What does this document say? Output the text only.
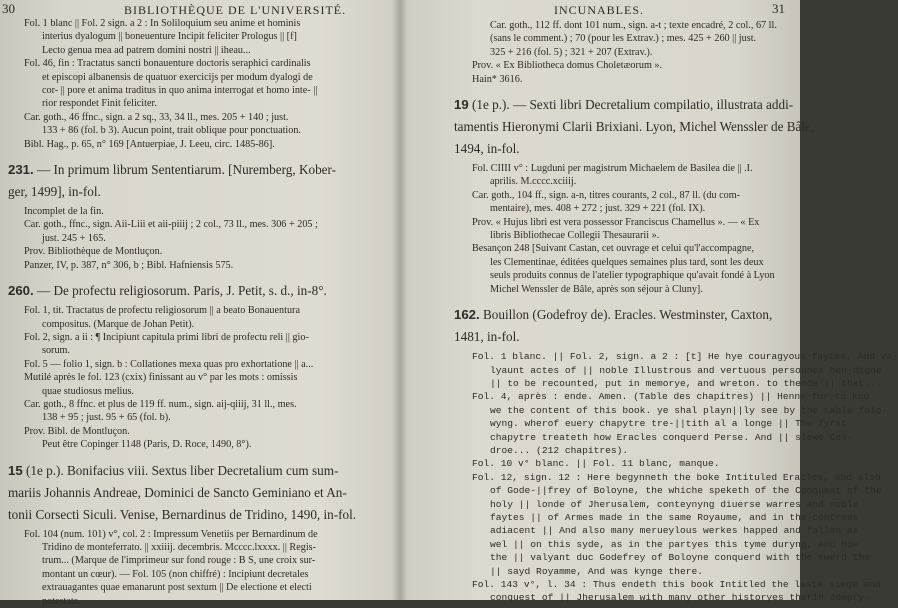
30	BIBLIOTHÈQUE DE L'UNIVERSITÉ.

Fol. 1 blanc || Fol. 2 sign. a 2 : In Soliloquium seu anime et hominis

interius dyalogum || boneuenture Incipit feliciter Prologus || [f]

Lecto genua mea ad patrem domini nostri || iheau...

Fol. 46, fin : Tractatus sancti bonauenture doctoris seraphici cardinalis

et episcopi albanensis de quatuor exercicijs per modum dyalogi de

cor- || pore et anima traditus in quo anima interrogat et homo inte- ||

rior respondet Finit feliciter.

Car. goth., 46 ffnc., sign. a 2 sq., 33, 34 ll., mes. 205 + 140 ; just.

133 + 86 (fol. b 3). Aucun point, trait oblique pour ponctuation.

Bibl. Hag., p. 65, n° 169 [Antuerpiae, J. Leeu, circ. 1485-86].

231. — In primum librum Sententiarum. [Nuremberg, Kober-

ger, 1499], in-fol.

Incomplet de la fin.

Car. goth., ffnc., sign. Aii-Liii et aii-piiij ; 2 col., 73 ll., mes. 306 + 205 ;

just. 245 + 165.

Prov. Bibliothèque de Montluçon.

Panzer, IV, p. 387, n° 306, b ; Bibl. Hafniensis 575.

260. — De profectu religiosorum. Paris, J. Petit, s. d., in-8°.

Fol. 1, tit. Tractatus de profectu religiosorum || a beato Bonauentura

compositus. (Marque de Johan Petit).

Fol. 2, sign. a ii : ¶ Incipiunt capitula primi libri de profectu reli || gio-

sorum.

Fol. 5 — folio 1, sign. b : Collationes mexa quas pro exhortatione || a...

Mutilé après le fol. 123 (cxix) finissant au v° par les mots : omissis

quae studiosus melius.

Car. goth., 8 ffnc. et plus de 119 ff. num., sign. aij-qiiij, 31 ll., mes.

138 + 95 ; just. 95 + 65 (fol. b).

Prov. Bibl. de Montluçon.

Peut être Copinger 1148 (Paris, D. Roce, 1490, 8°).

15 (1e p.). Bonifacius viii. Sextus liber Decretalium cum sum-

mariis Johannis Andreae, Dominici de Sancto Geminiano et An-

tonii Corsecti Siculi. Venise, Bernardinus de Tridino, 1490, in-fol.

Fol. 104 (num. 101) v°, col. 2 : Impressum Venetiis per Bernardinum de

Tridino de monteferrato. || xxiiij. decembris. Mcccc.lxxxx. || Regis-

trum... (Marque de l'imprimeur sur fond rouge : B S, une croix sur-

montant un cœur). — Fol. 105 (non chiffré) : Incipiunt decretales

extrauagantes quae emanarunt post sextum || De electione et electi

potestate.

INCUNABLES.	31

Car. goth., 112 ff. dont 101 num., sign. a-t ; texte encadré, 2 col., 67 ll.

(sans le comment.) ; 70 (pour les Extrav.) ; mes. 425 + 260 || just.

325 + 216 (fol. 5) ; 321 + 207 (Extrav.).

Prov. « Ex Bibliotheca domus Choletæorum ».

Hain* 3616.

19 (1e p.). — Sexti libri Decretalium compilatio, illustrata addi-

tamentis Hieronymi Clarii Brixiani. Lyon, Michel Wenssler de Bâle,

1494, in-fol.

Fol. CIIII v° : Lugduni per magistrum Michaelem de Basilea die || .I.

aprilis. M.cccc.xciiij.

Car. goth., 104 ff., sign. a-n, titres courants, 2 col., 87 ll. (du com-

mentaire), mes. 408 + 272 ; just. 329 + 221 (fol. IX).

Prov. « Hujus libri est vera possessor Franciscus Chamellus ». — « Ex

libris Bibliothecae Collegii Thesaurarii ».

Besançon 248 [Suivant Castan, cet ouvrage et celui qu'l'accompagne,

les Clementinae, éditées quelques semaines plus tard, sont les deux

seuls produits connus de l'atelier typographique qu'avait fondé à Lyon

Michel Wenssler de Bâle, après son séjour à Cluny].

162. Bouillon (Godefroy de). Eracles. Westminster, Caxton,

1481, in-fol.

Fol. 1 blanc. || Fol. 2, sign. a 2 : [t] He hye couragyous faytes, And va-

lyaunt actes of || noble Illustrous and vertuous personnes hen digne

|| to be recounted, put in memorye, and wreton. to thende || that...

Fol. 4, après : ende. Amen. (Table des chapitres) || Henne for to kno

we the content of this book. ye shal playn||ly see by the table folo-

wyng. wherof euery chapytre tre-||tith al a longe || The fyrst

chapytre treateth how Eracles conquerd Perse. And || slewe Cos-

droe... (212 chapitres).

Fol. 10 v° blanc. || Fol. 11 blanc, manque.

Fol. 12, sign. 12 : Here begynneth the boke Intituled Eracles, and also

of Gode-||frey of Boloyne, the whiche speketh of the Conquest of the

holy || londe of Jherusalem, conteynyng diuerse warres and noble

faytes || of Armes made in the same Royaume, and in the contrees

adiacent || And also many merueylous werkes happed and fallen as

wel || on this syde, as in the partyes this tyme duryng, And how

the || valyant duc Godefrey of Boloyne conquerd with the swerd the

|| sayd Royamme, And was kynge there.

Fol. 143 v°, l. 34 : Thus endeth this book Intitled the laste siege and

conquest of || Jherusalem with many other historyes therin compry-
